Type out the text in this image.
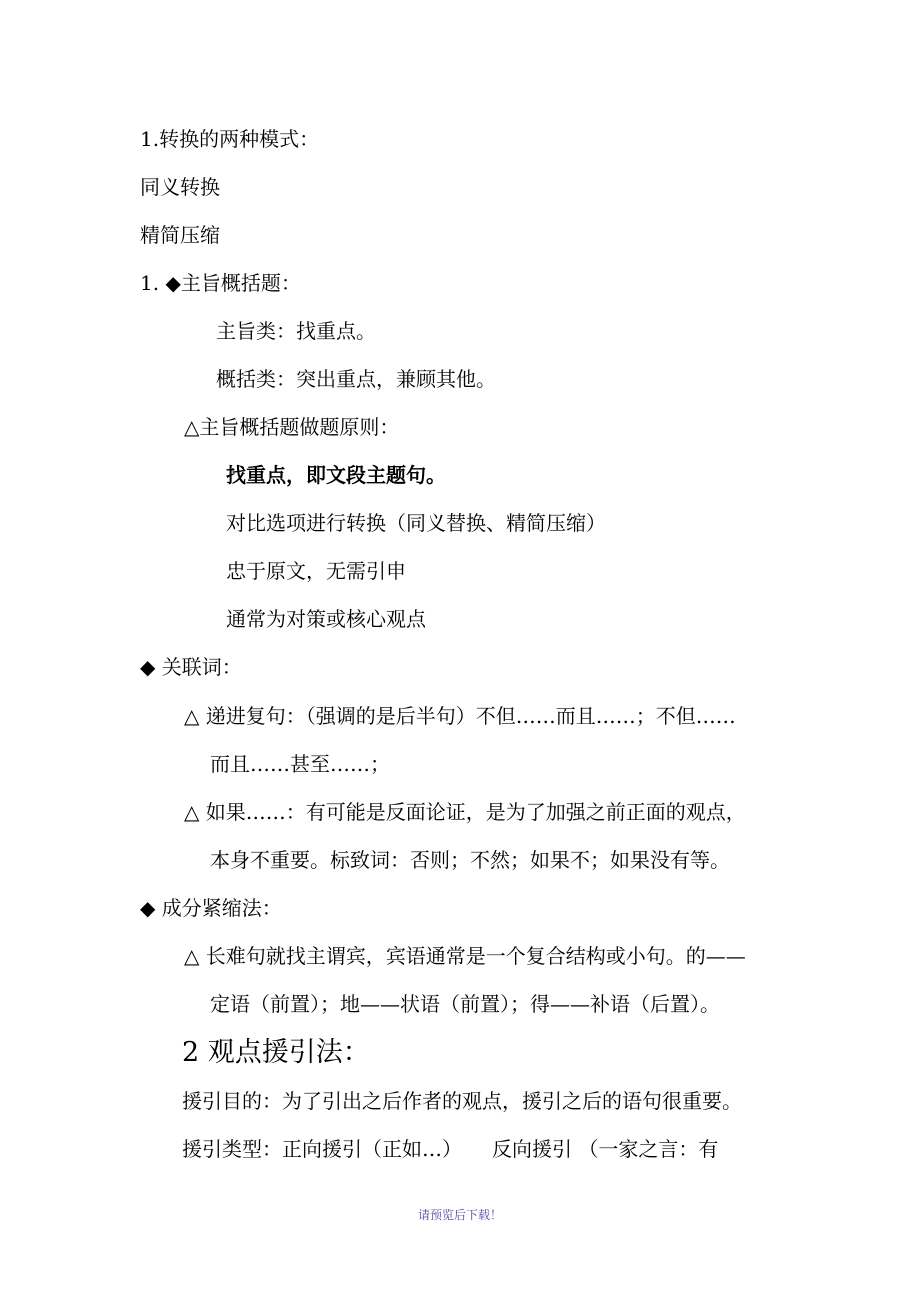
1.转换的两种模式：
同义转换
精简压缩
1. ◆主旨概括题：
主旨类：找重点。
概括类：突出重点，兼顾其他。
△主旨概括题做题原则：
找重点，即文段主题句。
对比选项进行转换（同义替换、精简压缩）
忠于原文，无需引申
通常为对策或核心观点
◆ 关联词：
△ 递进复句：（强调的是后半句）不但……而且……；不但……
而且……甚至……；
△ 如果……：有可能是反面论证，是为了加强之前正面的观点，
本身不重要。标致词：否则；不然；如果不；如果没有等。
◆ 成分紧缩法：
△ 长难句就找主谓宾，宾语通常是一个复合结构或小句。的——
定语（前置）；地——状语（前置）；得——补语（后置）。
2 观点援引法：
援引目的：为了引出之后作者的观点，援引之后的语句很重要。
援引类型：正向援引（正如…）　　反向援引 （一家之言：有
请预览后下载！
